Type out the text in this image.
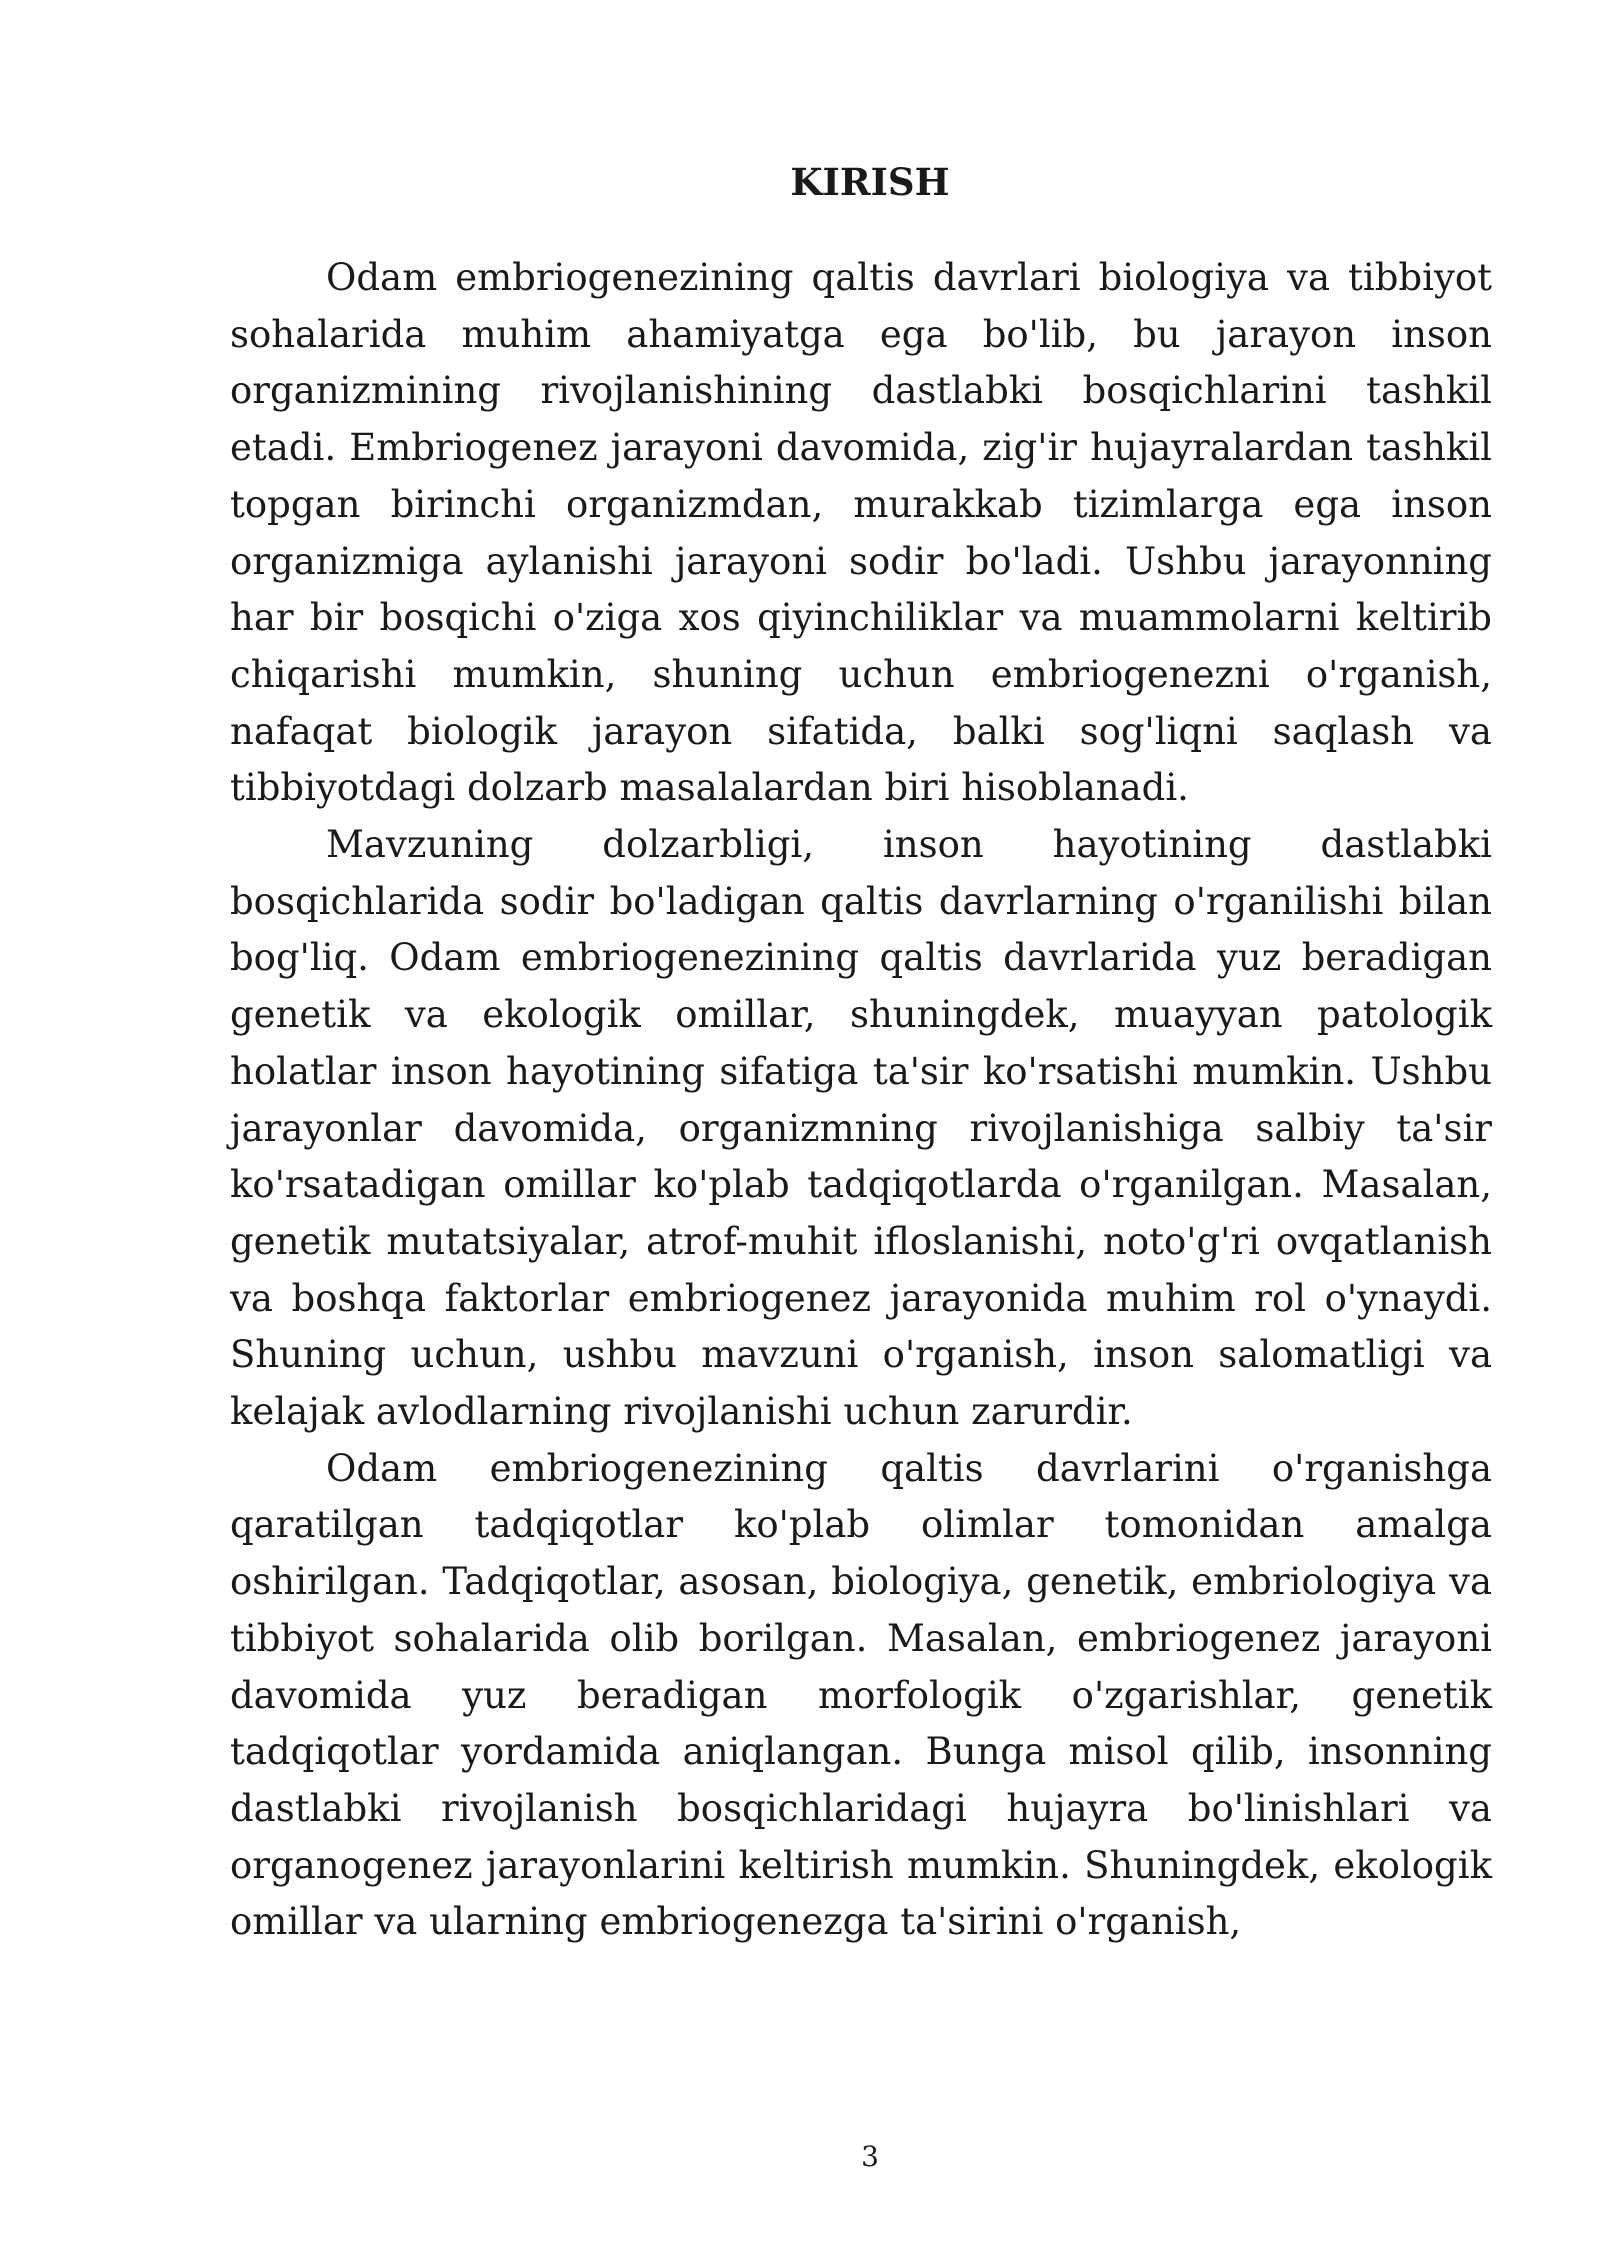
KIRISH

Odam embriogenezining qaltis davrlari biologiya va tibbiyot sohalarida muhim ahamiyatga ega bo'lib, bu jarayon inson organizmining rivojlanishining dastlabki bosqichlarini tashkil etadi. Embriogenez jarayoni davomida, zig'ir hujayralardan tashkil topgan birinchi organizmdan, murakkab tizimlarga ega inson organizmiga aylanishi jarayoni sodir bo'ladi. Ushbu jarayonning har bir bosqichi o'ziga xos qiyinchiliklar va muammolarni keltirib chiqarishi mumkin, shuning uchun embriogenezni o'rganish, nafaqat biologik jarayon sifatida, balki sog'liqni saqlash va tibbiyotdagi dolzarb masalalardan biri hisoblanadi.

Mavzuning dolzarbligi, inson hayotining dastlabki bosqichlarida sodir bo'ladigan qaltis davrlarning o'rganilishi bilan bog'liq. Odam embriogenezining qaltis davrlarida yuz beradigan genetik va ekologik omillar, shuningdek, muayyan patologik holatlar inson hayotining sifatiga ta'sir ko'rsatishi mumkin. Ushbu jarayonlar davomida, organizmning rivojlanishiga salbiy ta'sir ko'rsatadigan omillar ko'plab tadqiqotlarda o'rganilgan. Masalan, genetik mutatsiyalar, atrof-muhit ifloslanishi, noto'g'ri ovqatlanish va boshqa faktorlar embriogenez jarayonida muhim rol o'ynaydi. Shuning uchun, ushbu mavzuni o'rganish, inson salomatligi va kelajak avlodlarning rivojlanishi uchun zarurdir.

Odam embriogenezining qaltis davrlarini o'rganishga qaratilgan tadqiqotlar ko'plab olimlar tomonidan amalga oshirilgan. Tadqiqotlar, asosan, biologiya, genetik, embriologiya va tibbiyot sohalarida olib borilgan. Masalan, embriogenez jarayoni davomida yuz beradigan morfologik o'zgarishlar, genetik tadqiqotlar yordamida aniqlangan. Bunga misol qilib, insonning dastlabki rivojlanish bosqichlaridagi hujayra bo'linishlari va organogenez jarayonlarini keltirish mumkin. Shuningdek, ekologik omillar va ularning embriogenezga ta'sirini o'rganish,

3
